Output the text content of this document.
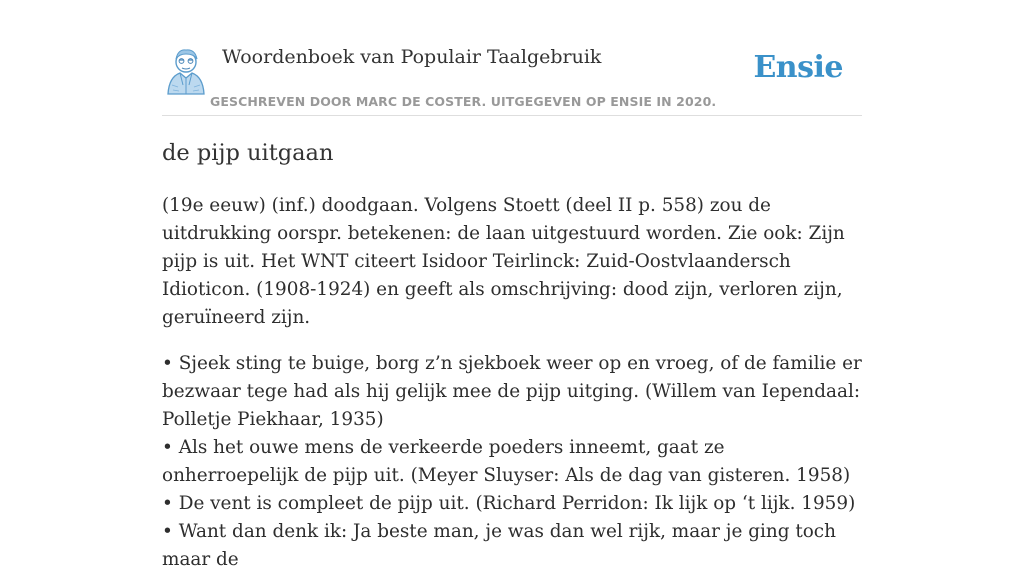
Woordenboek van Populair Taalgebruik
GESCHREVEN DOOR MARC DE COSTER. UITGEGEVEN OP ENSIE IN 2020.
Ensie
de pijp uitgaan

(19e eeuw) (inf.) doodgaan. Volgens Stoett (deel II p. 558) zou de uitdrukking oorspr. betekenen: de laan uitgestuurd worden. Zie ook: Zijn pijp is uit. Het WNT citeert Isidoor Teirlinck: Zuid-Oostvlaandersch Idioticon. (1908-1924) en geeft als omschrijving: dood zijn, verloren zijn, geruïneerd zijn.

• Sjeek sting te buige, borg z’n sjekboek weer op en vroeg, of de familie er bezwaar tege had als hij gelijk mee de pijp uitging. (Willem van Iependaal: Polletje Piekhaar, 1935)
• Als het ouwe mens de verkeerde poeders inneemt, gaat ze onherroepelijk de pijp uit. (Meyer Sluyser: Als de dag van gisteren. 1958)
• De vent is compleet de pijp uit. (Richard Perridon: Ik lijk op ‘t lijk. 1959)
• Want dan denk ik: Ja beste man, je was dan wel rijk, maar je ging toch maar de
